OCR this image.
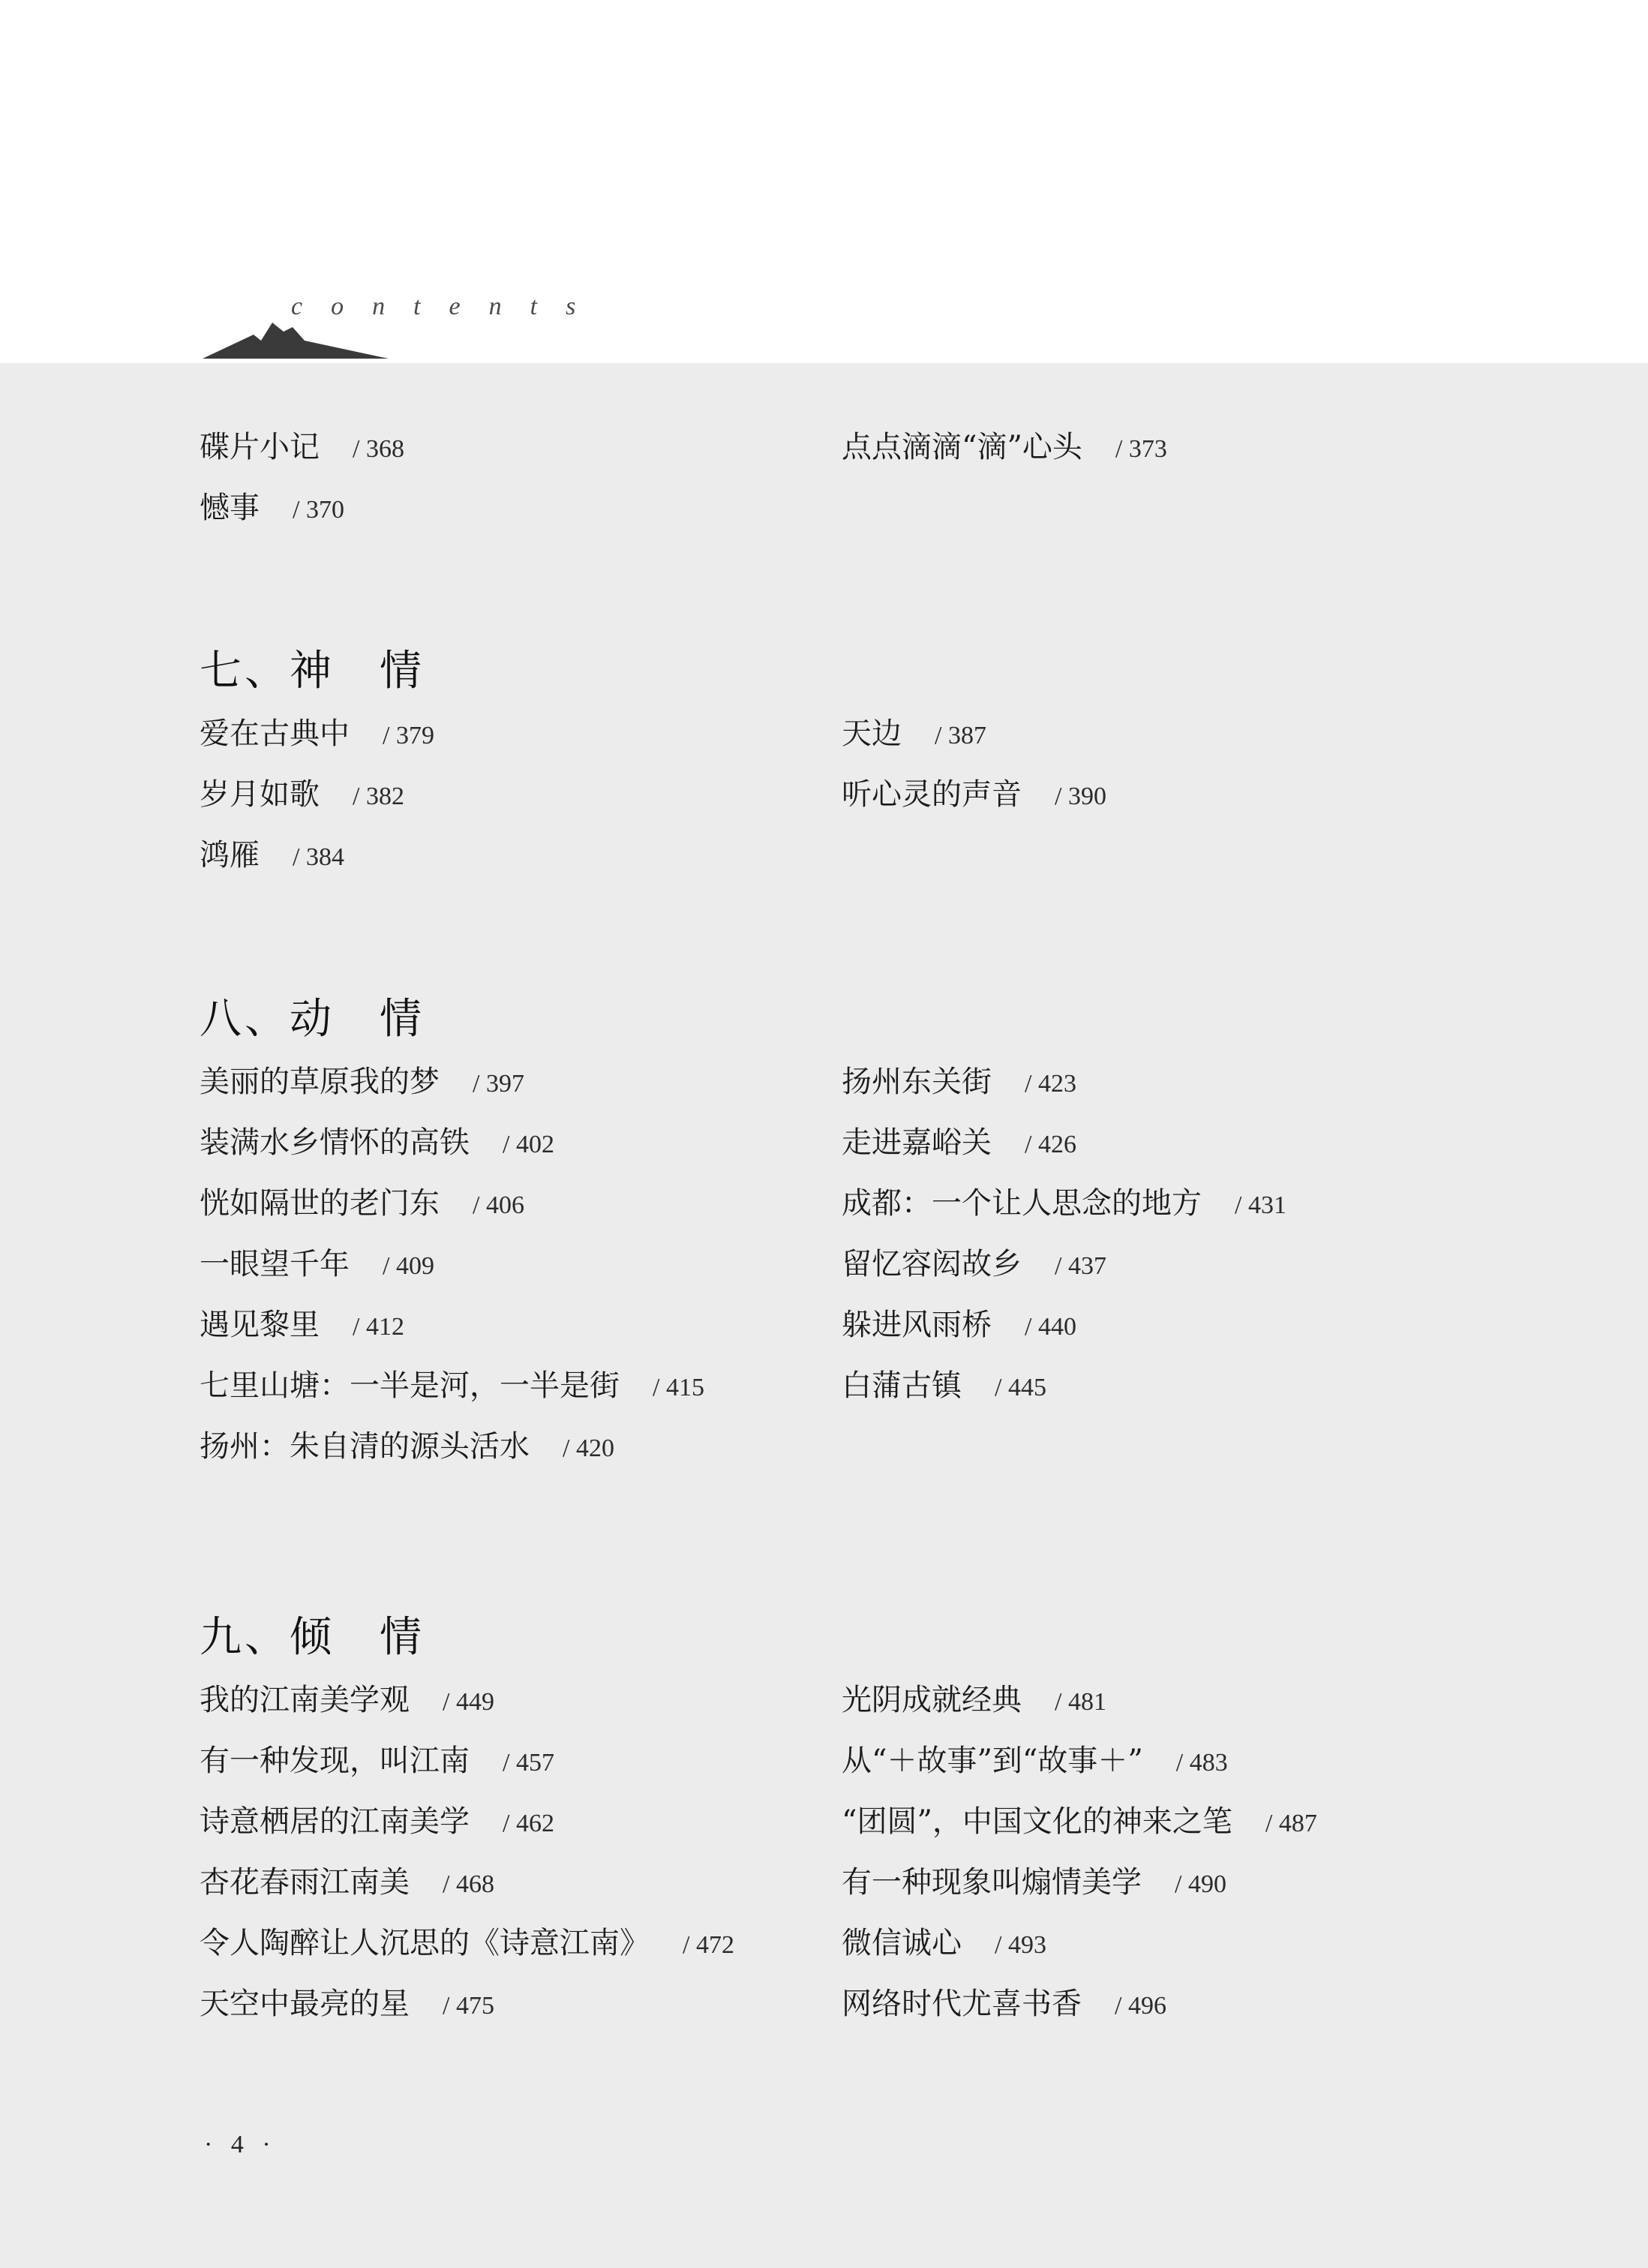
contents
碟片小记 / 368
憾事 / 370
点点滴滴“滴”心头 / 373
七、神　情
爱在古典中 / 379
岁月如歌 / 382
鸿雁 / 384
天边 / 387
听心灵的声音 / 390
八、动　情
美丽的草原我的梦 / 397
装满水乡情怀的高铁 / 402
恍如隔世的老门东 / 406
一眼望千年 / 409
遇见黎里 / 412
七里山塘：一半是河，一半是街 / 415
扬州：朱自清的源头活水 / 420
扬州东关街 / 423
走进嘉峪关 / 426
成都：一个让人思念的地方 / 431
留忆容闳故乡 / 437
躲进风雨桥 / 440
白蒲古镇 / 445
九、倾　情
我的江南美学观 / 449
有一种发现，叫江南 / 457
诗意栖居的江南美学 / 462
杏花春雨江南美 / 468
令人陶醉让人沉思的《诗意江南》 / 472
天空中最亮的星 / 475
光阴成就经典 / 481
从“＋故事”到“故事＋” / 483
“团圆”，中国文化的神来之笔 / 487
有一种现象叫煽情美学 / 490
微信诚心 / 493
网络时代尤喜书香 / 496
· 4 ·
